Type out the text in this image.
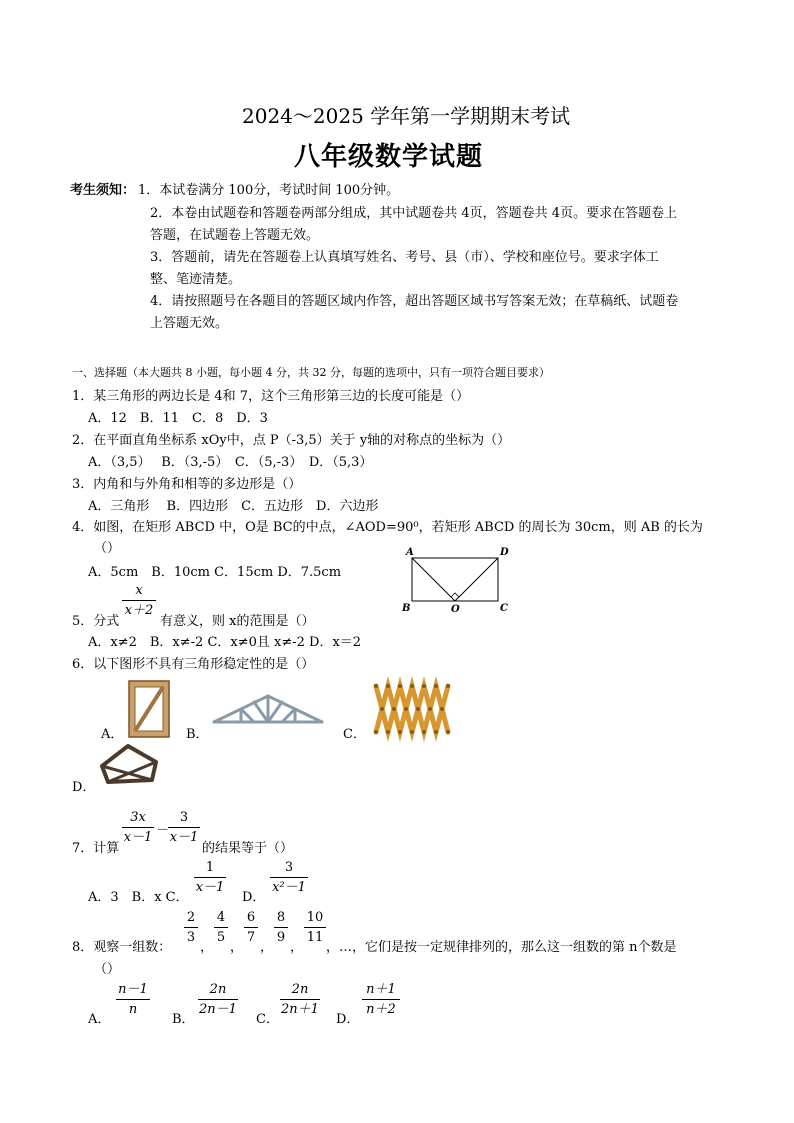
2024～2025 学年第一学期期末考试
八年级数学试题
考生须知： 1．本试卷满分 100分，考试时间 100分钟。
2．本卷由试题卷和答题卷两部分组成，其中试题卷共 4页，答题卷共 4页。要求在答题卷上
答题，在试题卷上答题无效。
3．答题前，请先在答题卷上认真填写姓名、考号、县（市）、学校和座位号。要求字体工
整、笔迹清楚。
4．请按照题号在各题目的答题区域内作答，超出答题区域书写答案无效；在草稿纸、试题卷
上答题无效。
一、选择题（本大题共 8 小题，每小题 4 分，共 32 分，每题的选项中，只有一项符合题目要求）
1．某三角形的两边长是 4和 7，这个三角形第三边的长度可能是（）
A．12　B．11　C．8　D．3
2．在平面直角坐标系 xOy中，点 P（-3,5）关于 y轴的对称点的坐标为（）
A．（3,5）　 B．（3,-5）　C．（5,-3）　D．（5,3）
3．内角和与外角和相等的多边形是（）
A．三角形　 B．四边形　C．五边形　D．六边形
4．如图，在矩形 ABCD 中，O是 BC的中点，∠AOD=90⁰，若矩形 ABCD 的周长为 30cm，则 AB 的长为
（）
A．5cm　B．10cm C．15cm D．7.5cm
A	D
B	O	C
5．分式
x
x＋2
有意义，则 x的范围是（）
A．x≠2　B．x≠-2 C．x≠0且 x≠-2 D．x＝2
6．以下图形不具有三角形稳定性的是（）
A．	B．	C．
D．
7．计算
3x
x－1 －
3
x－1
的结果等于（）
A．3　B．x C．
1
x－1
D．
3
x²－1
8．观察一组数：
2
3
，
4
5
，
6
7
，
8
9
，
10
11
，…，它们是按一定规律排列的，那么这一组数的第 n个数是
（）
A．
n－1
n
B．
2n
2n－1
C．
2n
2n＋1
D．
n＋1
n＋2
